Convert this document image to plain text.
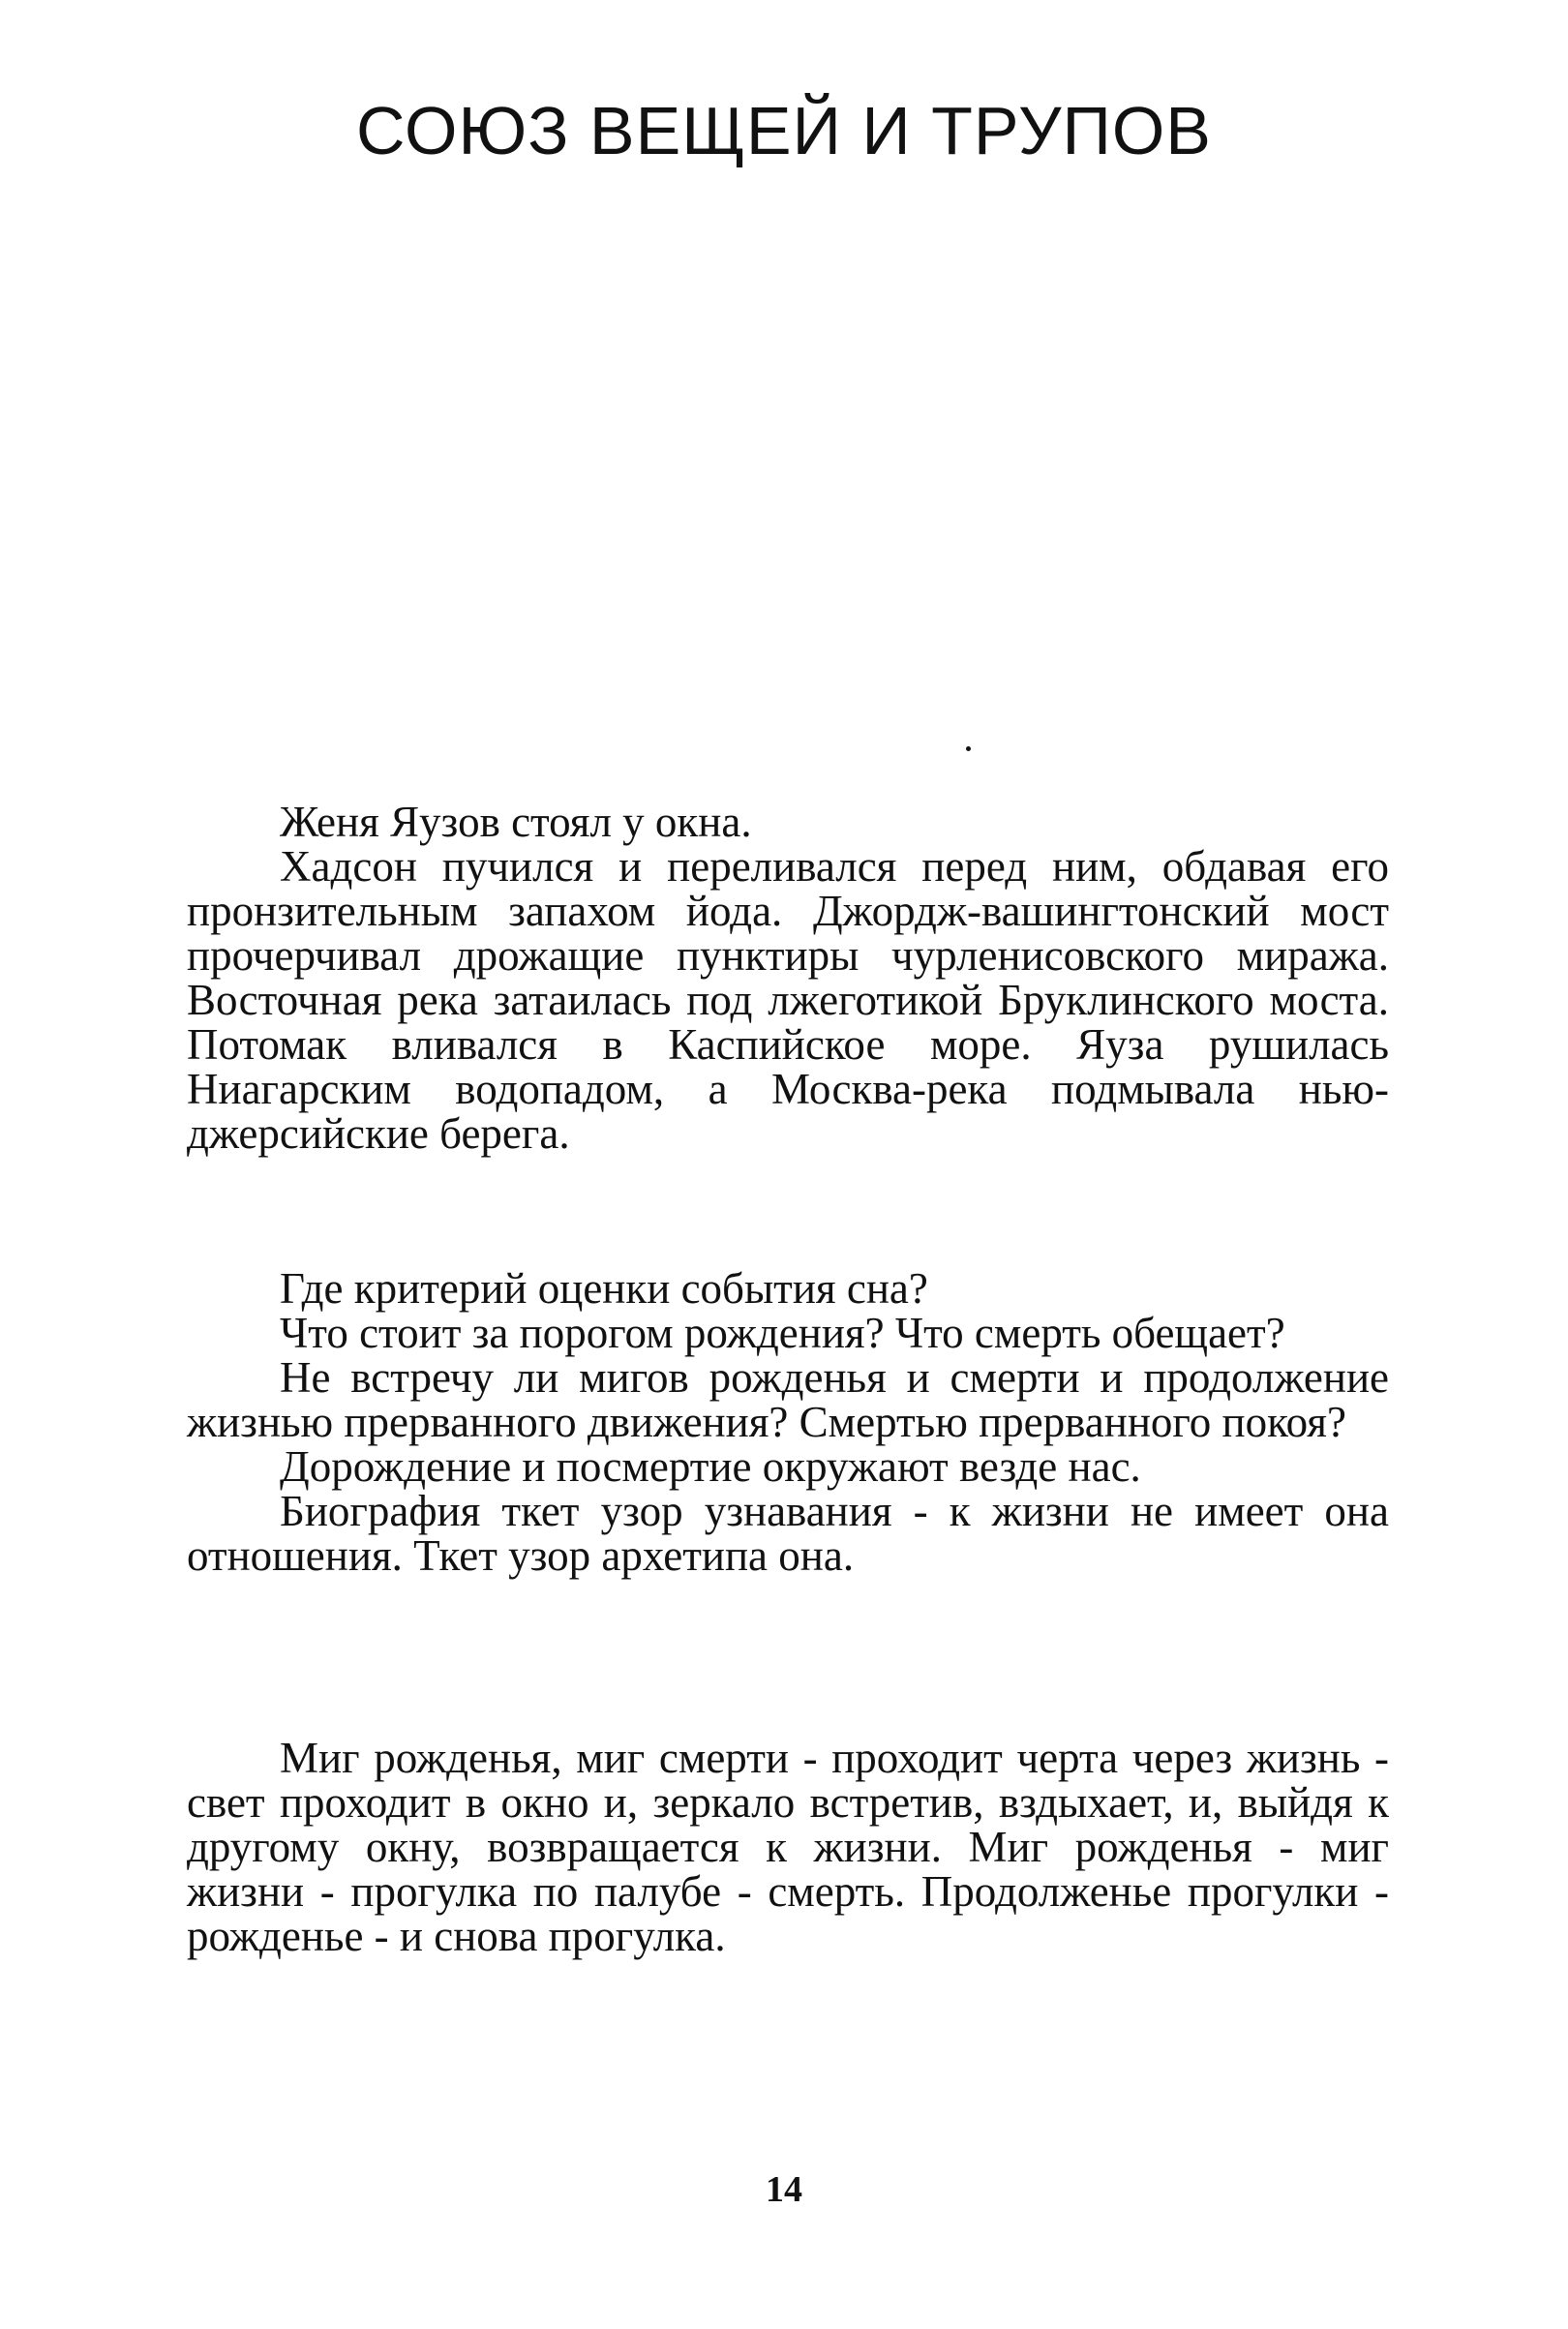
СОЮЗ ВЕЩЕЙ И ТРУПОВ

Женя Яузов стоял у окна.

Хадсон пучился и переливался перед ним, обдавая его пронзительным запахом йода. Джордж-вашингтонский мост прочерчивал дрожащие пунктиры чурленисовского миража. Восточная река затаилась под лжеготикой Бруклинского моста. Потомак вливался в Каспийское море. Яуза рушилась Ниагарским водопадом, а Москва-река подмывала нью-джерсийские берега.

Где критерий оценки события сна?

Что стоит за порогом рождения? Что смерть обещает?

Не встречу ли мигов рожденья и смерти и продолжение жизнью прерванного движения? Смертью прерванного покоя?

Дорождение и посмертие окружают везде нас.

Биография ткет узор узнавания - к жизни не имеет она отношения. Ткет узор архетипа она.

Миг рожденья, миг смерти - проходит черта через жизнь - свет проходит в окно и, зеркало встретив, вздыхает, и, выйдя к другому окну, возвращается к жизни. Миг рожденья - миг жизни - прогулка по палубе - смерть. Продолженье прогулки - рожденье - и снова прогулка.

14
